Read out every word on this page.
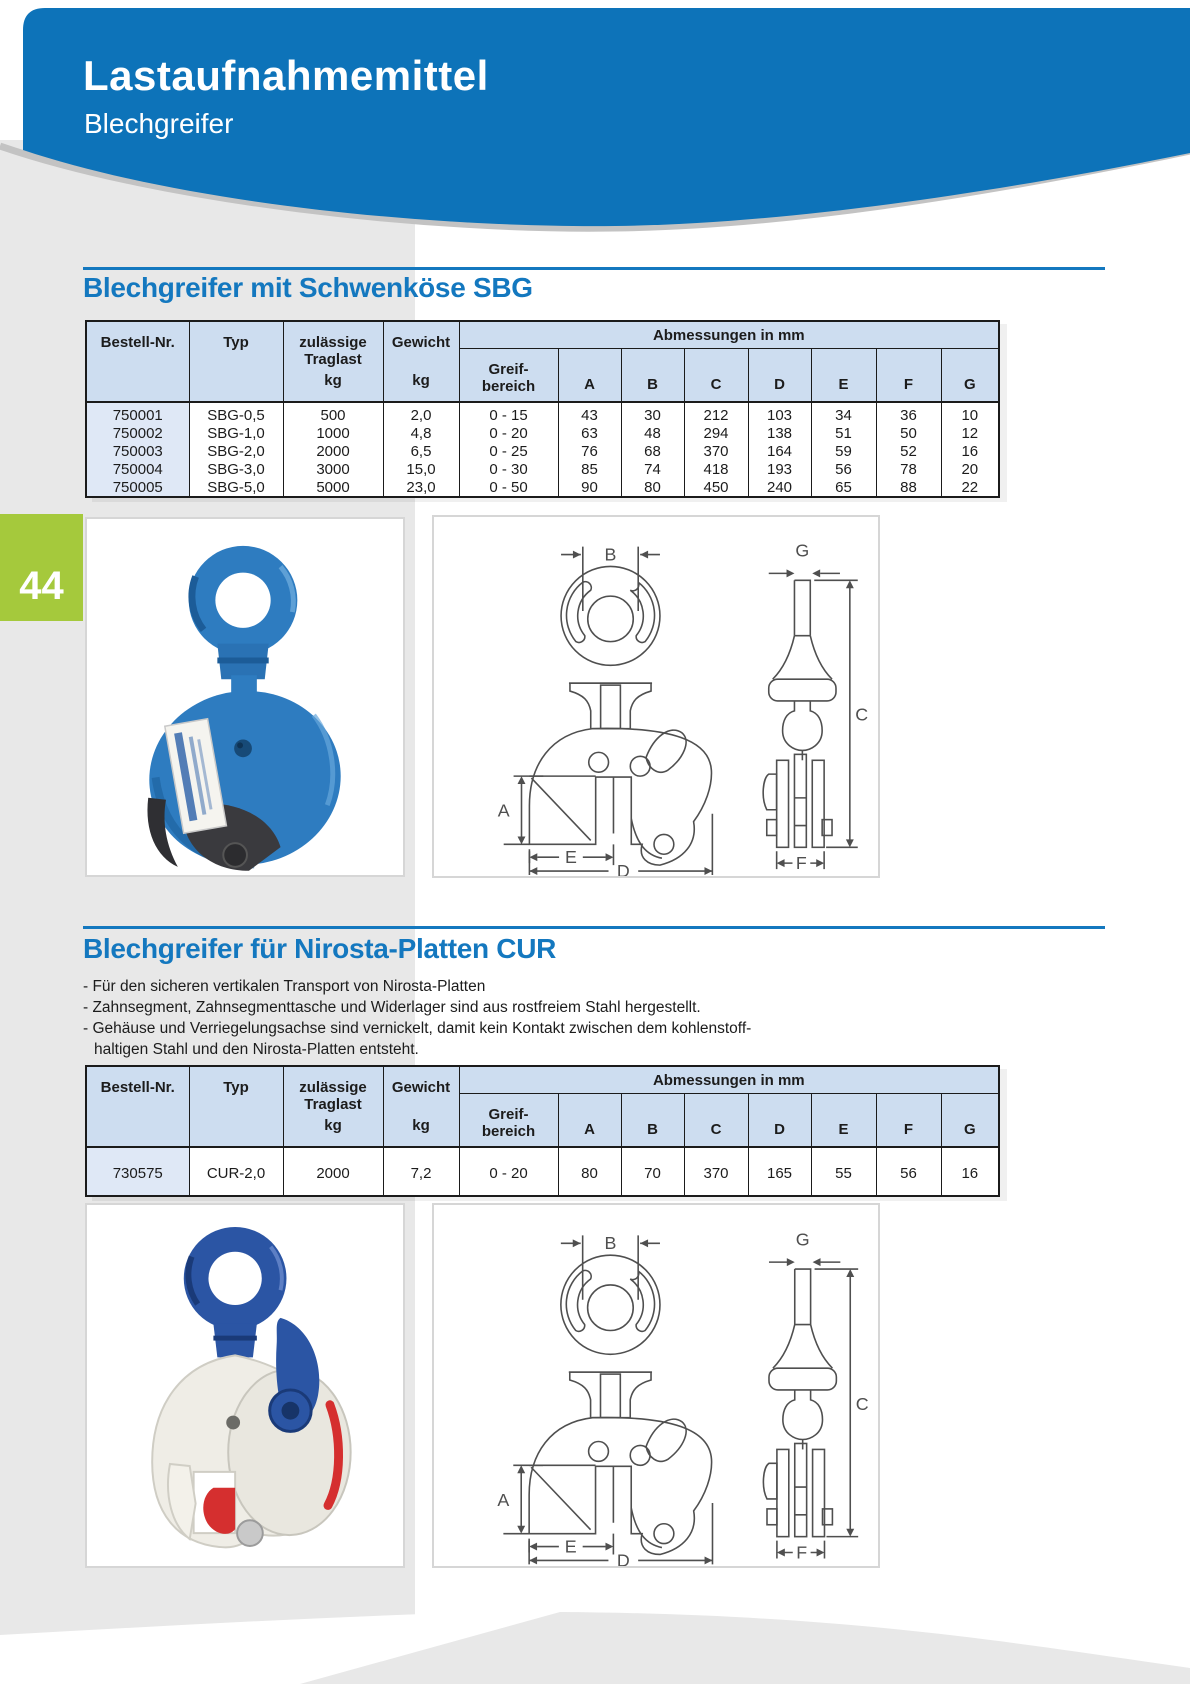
Lastaufnahmemittel
Blechgreifer
44
Blechgreifer mit Schwenköse SBG
Bestell-Nr.	Typ	zulässige
Traglast
kg

Gewicht
kg
	Abmessungen in mm
				Greif-
bereich	A	B	C	D	E	F	G
750001	SBG-0,5	500	2,0	0 - 15	43	30	212	103	34	36	10
750002	SBG-1,0	1000	4,8	0 - 20	63	48	294	138	51	50	12
750003	SBG-2,0	2000	6,5	0 - 25	76	68	370	164	59	52	16
750004	SBG-3,0	3000	15,0	0 - 30	85	74	418	193	56	78	20
750005	SBG-5,0	5000	23,0	0 - 50	90	80	450	240	65	88	22
B	G
A
E
D
C
F
Blechgreifer für Nirosta-Platten CUR
- Für den sicheren vertikalen Transport von Nirosta-Platten
- Zahnsegment, Zahnsegmenttasche und Widerlager sind aus rostfreiem Stahl hergestellt.
- Gehäuse und Verriegelungsachse sind vernickelt, damit kein Kontakt zwischen dem kohlenstoff-
haltigen Stahl und den Nirosta-Platten entsteht.
Bestell-Nr.	Typ	zulässige
Traglast
kg

Gewicht
kg
	Abmessungen in mm
				Greif-
bereich	A	B	C	D	E	F	G
730575	CUR-2,0	2000	7,2	0 - 20	80	70	370	165	55	56	16
B	G
A
E
D
C
F
